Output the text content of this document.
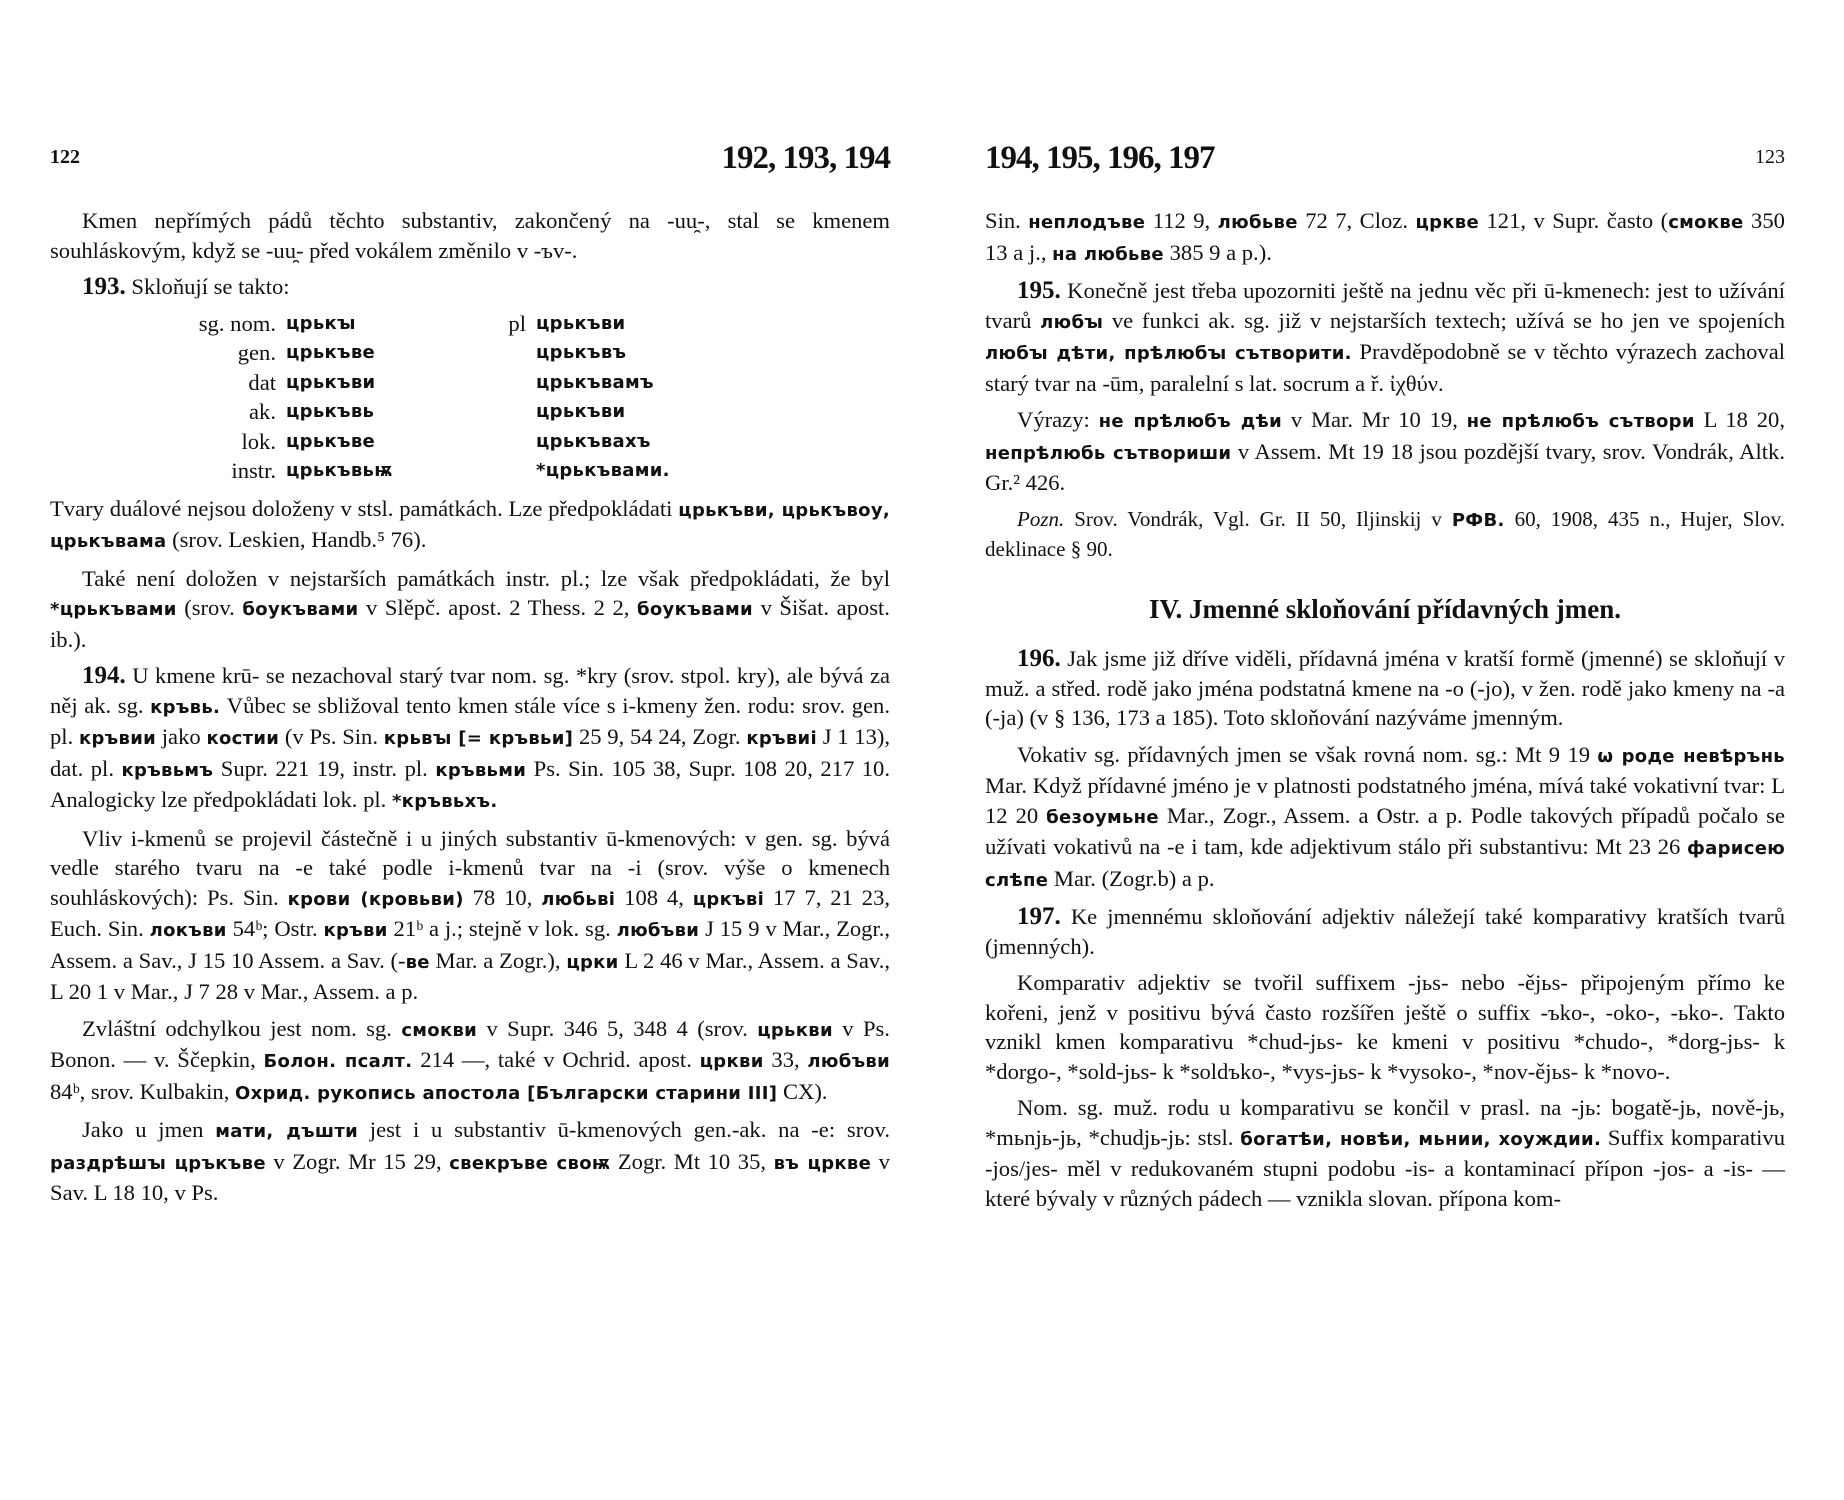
122	192, 193, 194

Kmen nepřímých pádů těchto substantiv, zakončený na -uu̯-, stal se kmenem souhláskovým, když se -uu̯- před vokálem změnilo v -ъv-.

193. Skloňují se takto:

sg. nom.	црькꙑ	pl	црькъви
gen.	црькъве		црькъвъ
dat	црькъви		црькъвамъ
ak.	црькъвь		црькъви
lok.	црькъве		црькъвахъ
instr.	црькъвьѭ		*црькъвами.

Tvary duálové nejsou doloženy v stsl. památkách. Lze předpokládati црькъви, црькъвоу, црькъвама (srov. Leskien, Handb.⁵ 76).

Také není doložen v nejstarších památkách instr. pl.; lze však předpokládati, že byl *црькъвами (srov. боукъвами v Slěpč. apost. 2 Thess. 2 2, боукъвами v Šišat. apost. ib.).

194. U kmene krū- se nezachoval starý tvar nom. sg. *kry (srov. stpol. kry), ale bývá za něj ak. sg. кръвь. Vůbec se sbližoval tento kmen stále více s i-kmeny žen. rodu: srov. gen. pl. кръвии jako костии (v Ps. Sin. крьвꙑ [= кръвьи] 25 9, 54 24, Zogr. кръвиі J 1 13), dat. pl. кръвьмъ Supr. 221 19, instr. pl. кръвьми Ps. Sin. 105 38, Supr. 108 20, 217 10. Analogicky lze předpokládati lok. pl. *кръвьхъ.

Vliv i-kmenů se projevil částečně i u jiných substantiv ū-kmenových: v gen. sg. bývá vedle starého tvaru na -e také podle i-kmenů tvar na -i (srov. výše o kmenech souhláskových): Ps. Sin. крови (кровьви) 78 10, любьві 108 4, цркъві 17 7, 21 23, Euch. Sin. локъви 54ᵇ; Ostr. кръви 21ᵇ a j.; stejně v lok. sg. любъви J 15 9 v Mar., Zogr., Assem. a Sav., J 15 10 Assem. a Sav. (-ве Mar. a Zogr.), црки L 2 46 v Mar., Assem. a Sav., L 20 1 v Mar., J 7 28 v Mar., Assem. a p.

Zvláštní odchylkou jest nom. sg. смокви v Supr. 346 5, 348 4 (srov. црькви v Ps. Bonon. — v. Ščepkin, Болон. псалт. 214 —, také v Ochrid. apost. цркви 33, любъви 84ᵇ, srov. Kulbakin, Охрид. рукопись апостола [Български старини III] CX).

Jako u jmen мати, дъшти jest i u substantiv ū-kmenových gen.-ak. na -e: srov. раздрѣшꙑ цръкъве v Zogr. Mr 15 29, свекръве своѭ Zogr. Mt 10 35, въ цркве v Sav. L 18 10, v Ps.

194, 195, 196, 197	123

Sin. неплодъве 112 9, любьве 72 7, Cloz. цркве 121, v Supr. často (смокве 350 13 a j., на любьве 385 9 a p.).

195. Konečně jest třeba upozorniti ještě na jednu věc při ū-kmenech: jest to užívání tvarů любꙑ ve funkci ak. sg. již v nejstarších textech; užívá se ho jen ve spojeních любꙑ дѣти, прѣлюбꙑ сътворити. Pravděpodobně se v těchto výrazech zachoval starý tvar na -ūm, paralelní s lat. socrum a ř. ἰχθύν.

Výrazy: не прѣлюбъ дѣи v Mar. Mr 10 19, не прѣлюбъ сътвори L 18 20, непрѣлюбь сътвориши v Assem. Mt 19 18 jsou pozdější tvary, srov. Vondrák, Altk. Gr.² 426.

Pozn. Srov. Vondrák, Vgl. Gr. II 50, Iljinskij v РФВ. 60, 1908, 435 n., Hujer, Slov. deklinace § 90.

IV. Jmenné skloňování přídavných jmen.

196. Jak jsme již dříve viděli, přídavná jména v kratší formě (jmenné) se skloňují v muž. a střed. rodě jako jména podstatná kmene na -o (-jo), v žen. rodě jako kmeny na -a (-ja) (v § 136, 173 a 185). Toto skloňování nazýváme jmenným.

Vokativ sg. přídavných jmen se však rovná nom. sg.: Mt 9 19 ѡ роде невѣрънь Mar. Když přídavné jméno je v platnosti podstatného jména, mívá také vokativní tvar: L 12 20 безоумьне Mar., Zogr., Assem. a Ostr. a p. Podle takových případů počalo se užívati vokativů na -e i tam, kde adjektivum stálo při substantivu: Mt 23 26 фарисею слѣпе Mar. (Zogr.b) a p.

197. Ke jmennému skloňování adjektiv náležejí také komparativy kratších tvarů (jmenných).

Komparativ adjektiv se tvořil suffixem -jьs- nebo -ějьs- připojeným přímo ke kořeni, jenž v positivu bývá často rozšířen ještě o suffix -ъko-, -oko-, -ьko-. Takto vznikl kmen komparativu *chud-jьs- ke kmeni v positivu *chudo-, *dorg-jьs- k *dorgo-, *sold-jьs- k *soldъko-, *vys-jьs- k *vysoko-, *nov-ějьs- k *novo-.

Nom. sg. muž. rodu u komparativu se končil v prasl. na -jь: bogatě-jь, nově-jь, *mьnjь-jь, *chudjь-jь: stsl. богатѣи, новѣи, мьнии, хоуждии. Suffix komparativu -jos/jes- měl v redukovaném stupni podobu -is- a kontaminací přípon -jos- a -is- — které bývaly v různých pádech — vznikla slovan. přípona kom-
